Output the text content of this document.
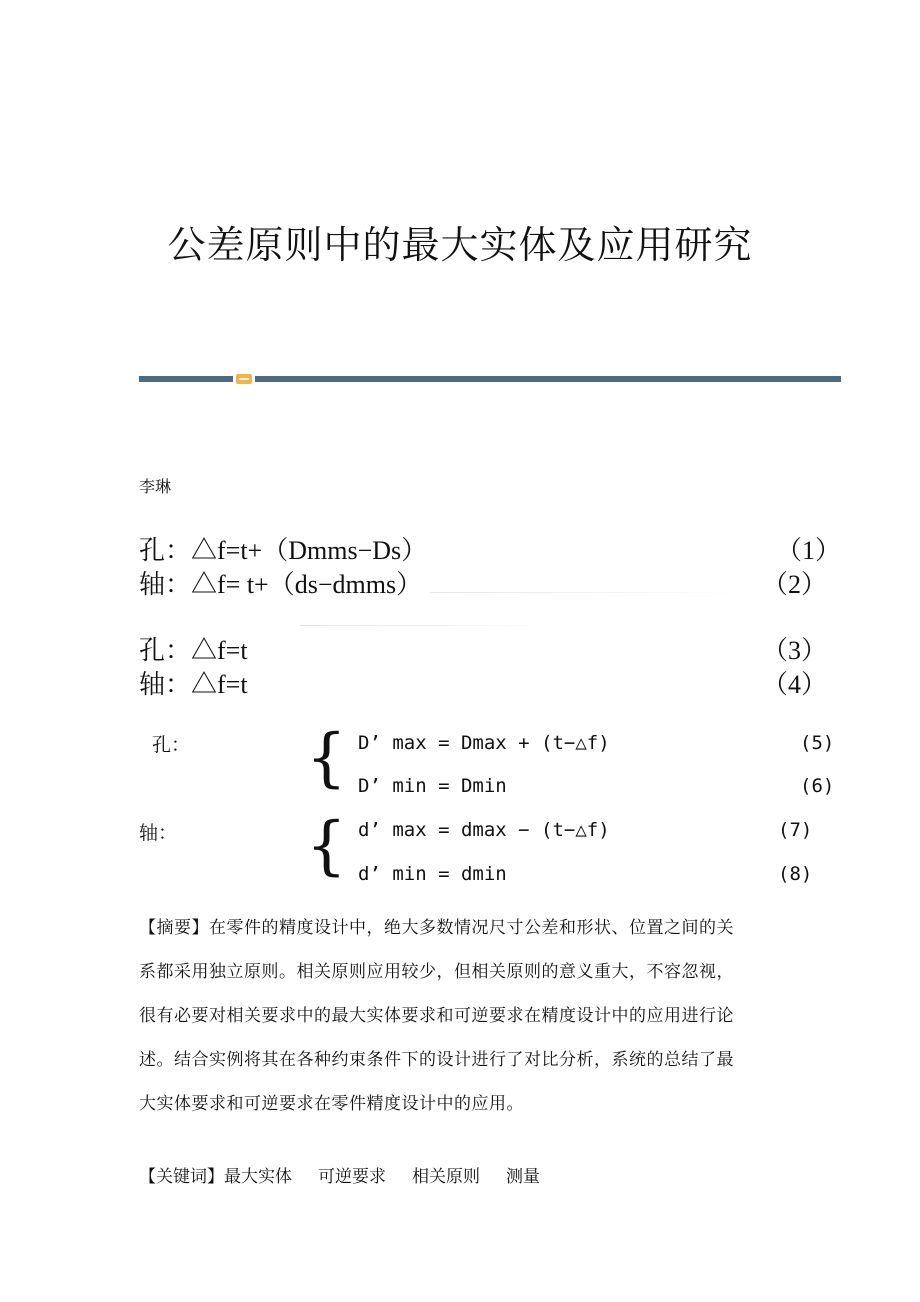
公差原则中的最大实体及应用研究
李琳
孔：△f=t+（Dmms−Ds）	（1）
轴：△f= t+（ds−dmms）	（2）
孔：△f=t	（3）
轴：△f=t	（4）
孔： { D’ max = Dmax + (t−△f)	(5)
D’ min = Dmin	(6)
轴： { d’ max = dmax − (t−△f)	(7)
d’ min = dmin	(8)
【摘要】在零件的精度设计中，绝大多数情况尺寸公差和形状、位置之间的关
系都采用独立原则。相关原则应用较少，但相关原则的意义重大，不容忽视，
很有必要对相关要求中的最大实体要求和可逆要求在精度设计中的应用进行论
述。结合实例将其在各种约束条件下的设计进行了对比分析，系统的总结了最
大实体要求和可逆要求在零件精度设计中的应用。
【关键词】最大实体 可逆要求 相关原则 测量
